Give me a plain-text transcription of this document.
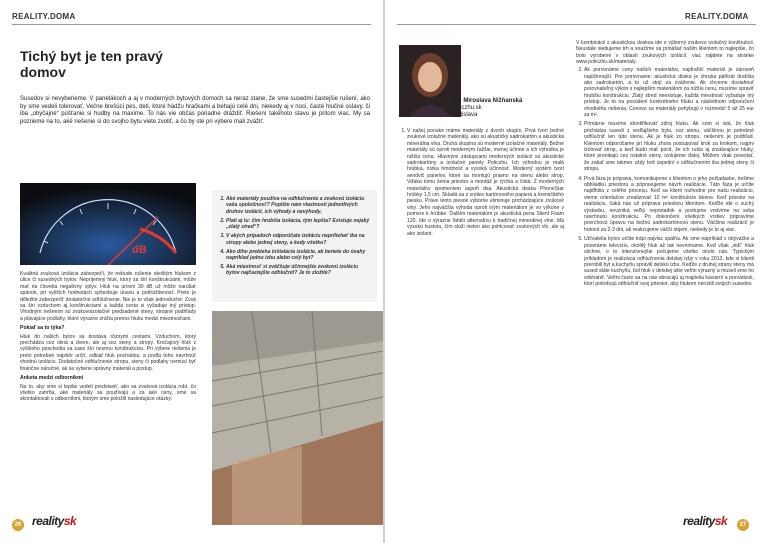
REALITY.DOMA
Tichý byt je ten pravý domov
Susedov si nevyberieme. V panelákoch a aj v moderných bytových domoch sa neraz stane, že sme susedmi častejšie rušení, ako by sme vedeli tolerovať. Večne brešúci pes, deti, ktoré hádžu hračkami a behajú celé dni, niekedy aj v noci, časté hlučné oslavy, či iba „obyčajné“ púšťanie si hudby na maxime. To nás vie občas poriadne dráždiť. Riešení takéhoto stavu je pritom viac. My sa pozrieme na to, aké riešenie si do svojho bytu viete zvoliť, a čo by ste pri výbere mali zvážiť.
dB
1. Aké materiály používa na odhlučnenie a zvukovú izoláciu vaša spoločnosť? Popíšte nám vlastnosti jednotlivých druhov izolácií, ich výhody a nevýhody.
2. Platí aj tu: čím hrubšia izolácia, tým lepšia? Existuje nejaký „zlatý stred“?
3. V akých prípadoch odporúčate izoláciu nepriliehať iba na stropy alebo jednej steny, a kedy všetko?
4. Ako dlho prebieha inštalácia izolácie, ak beriete do úvahy napríklad jednu izbu alebo celý byt?
5. Aká miestnosť si zväčšuje účinnejšie zvukovú izoláciu bytov najčastejšie odhlučnit? Je to zložité?

Kvalitná zvuková izolácia zabezpečí, že nebude rušenie okolitým hlukom z ulice či susedných bytov. Nepríjemný hluk, ktorý sa šíri konštrukciami, môže mať na človeka negatívny vplyv. Hluk na úrovni 30 dB už môže narúšať spánok, pri vyšších hodnotách spôsobuje únavu a podráždenosť. Preto je dôležité zabezpečiť dostatočné odhlučnenie. Nie je to však jednoduché. Zvuk sa šíri vzduchom aj konštrukciami a každá cesta si vyžaduje iný prístup. Vhodným riešením sú zvukovoizolačné predsadené steny, stropné podhľady a plávajúce podlahy, ktoré výrazne znížia prenos hluku medzi miestnosťami.

Pokiaľ sa to týka?

Hluk do našich bytov sa dostáva rôznymi cestami. Vzduchom, ktorý prechádza cez okná a dvere, ale aj cez steny a stropy. Kročajový hluk z vyššieho poschodia sa zase šíri nosnou konštrukciou. Pri výbere riešenia je preto potrebné najskôr určiť, odkiaľ hluk pochádza, a podľa toho navrhnúť vhodnú izoláciu. Dodatočné odhlučnenie stropu, steny či podlahy nemusí byť finančne náročné, ak sa vyberie správny materiál a postup.

Anketa medzi odborníkmi

Na to, aby sme si lepšie vedeli predstaviť, ako sa zvuková izolácia robí, čo všetko zahŕňa, aké materiály sa používajú a za aké ceny, sme sa skontaktovali s odborníkmi, ktorým sme položili nasledujúce otázky:

26 realitysk
REALITY.DOMA
Ing. Miroslava Nižňanská
Poticzhu.sk
Bratislava
1. V našej ponuke máme materiály z dvoch skupín. Prvá tvorí bežné zvukové izolačné materiály, ako sú akustický sadrokartón a akustická minerálna vlna. Druhá skupina sú moderné izolačné materiály. Bežné materiály sú oproti moderným ťažšie, menej účinné a ich výhodou je nižšia cena. Hlavnými zástupcami moderných izolácií sú akustické sadrokartóny a izolačné panely Poticzhu. Ich výhodou je malá hrúbka, nízka hmotnosť a vysoká účinnosť. Moderný systém tvorí sendvič panelov, ktoré sa montujú priamo na stenu alebo strop. Vďaka tomu šetria priestor a montáž je rýchla a čistá. Z moderných materiálov spomeniem aspoň dva. Akustická doska PhoneStar hrúbky 1,5 cm. Skladá sa z vrstiev kartónového papiera a kremičitého piesku. Práve tento piesok výborne eliminuje prichádzajúce zvukové vlny. Jeho najväčšia výhoda oproti iným materiálom je vo výkone v pomere k hrúbke. Ďalším materiálom je akustická pena Silent Foam 120. Ide o výrazne ľahkú alternatívu k tradičnej minerálnej vlne. Má vysokú hustotu, čím slúži nielen ako pohlcovač zvukových vĺn, ale aj ako izolant.

V kombinácii s akustickou doskou ide o výborný zvukovo izolačný konštrukcii. Neustále sledujeme trh a snažíme sa prinášať našim klientom to najlepšie, čo bolo vyrobené v oblasti zvukových izolácií, viac nájdete na stránke www.poticzhu.sk/materialy.

2. Ak porovnáme ceny našich materiálov, najdrahší materiál je zároveň najúčinnejší. Pre porovnanie: akustická doska je zhruba päťkrát drahšia ako sadrokartón, a to už stojí za zváženie. Ak chceme dosiahnuť porovnateľný výkon s najlepším materiálom za nižšiu cenu, musíme spraviť hrubšiu konštrukciu. Zlatý stred neexistuje, každá miestnosť vyžaduje iný prístup. Je to na posúdení konkrétneho hluku a následnom odporučení vhodného riešenia. Cenovo sa materiály pohybujú v rozmedzí 5 až 25 eur za m².
3. Primárne musíme identifikovať zdroj hluku. Ak som si istá, že hluk prichádza susedi z vedľajšieho bytu, cez stenu, väčšinou je potrebné odhlučniť len túto stenu. Ak je hluk zo stropu, riešením je podhľad. Klientom odporúčame pri hluku zhora postupovať krok za krokom, najprv izolovať strop, a keď budú mať pocit, že ich rušia aj zostávajúce hluky, ktoré prenikajú cez ostatné steny, izolujeme ďalej. Môžem však povedať, že zatiaľ sme takmer vždy boli úspešní s odhlučnením iba jednej steny či stropu.
4. Prvá fáza je príprava, komunikujeme s klientom o jeho požiadavke, riešime obhliadku priestoru a pripravujeme návrh realizácie. Táto fáza je určite najdlhšia z celého procesu. Keď sa klient rozhodne pre našu realizáciu, vieme orientačne zrealizovať 10 m² konštrukcie denne. Keď priestor na realizáciu, čaká nás už príprava priestoru klientom. Keďže ide o suchý výstavbu, nevzniká veľký neporiadok a postupne vrstvíme na seba navrhnutú konštrukciu. Po dokončení všetkých vrstiev pripravíme povrchovú úpravu na bežnú sadrokartónovú stenu. Väčšina realizácií je hotová za 2-3 dni, ak realizujeme väčší objem, niekedy je to aj viac.
5. Užívatelia bytov určite trápi najviac spálňa. Ak sme napríklad v obývačke a pozeráme televíziu, okolitý hluk až tak nevnímame. Keď však „vidí“ hluk stichne, o to intenzívnejšie počujeme všetko okolo nás. Typickým príkladom je realizácia odhlučnenia detskej izby v roku 2013, kde si klienti prerobili byt a kuchyňu spravili detskú izbu. Keďže z druhej strany steny má sused stále kuchyňu, bol hluk v detskej izbe veľmi výrazný a museli sme ho odstrániť. Veľmi často sa na nás obracajú aj majitelia kaviarní a prevádzok, ktorí potrebujú odhlučniť svoj priestor, aby hlukom nerušili svojich susedov.
realitysk	27
